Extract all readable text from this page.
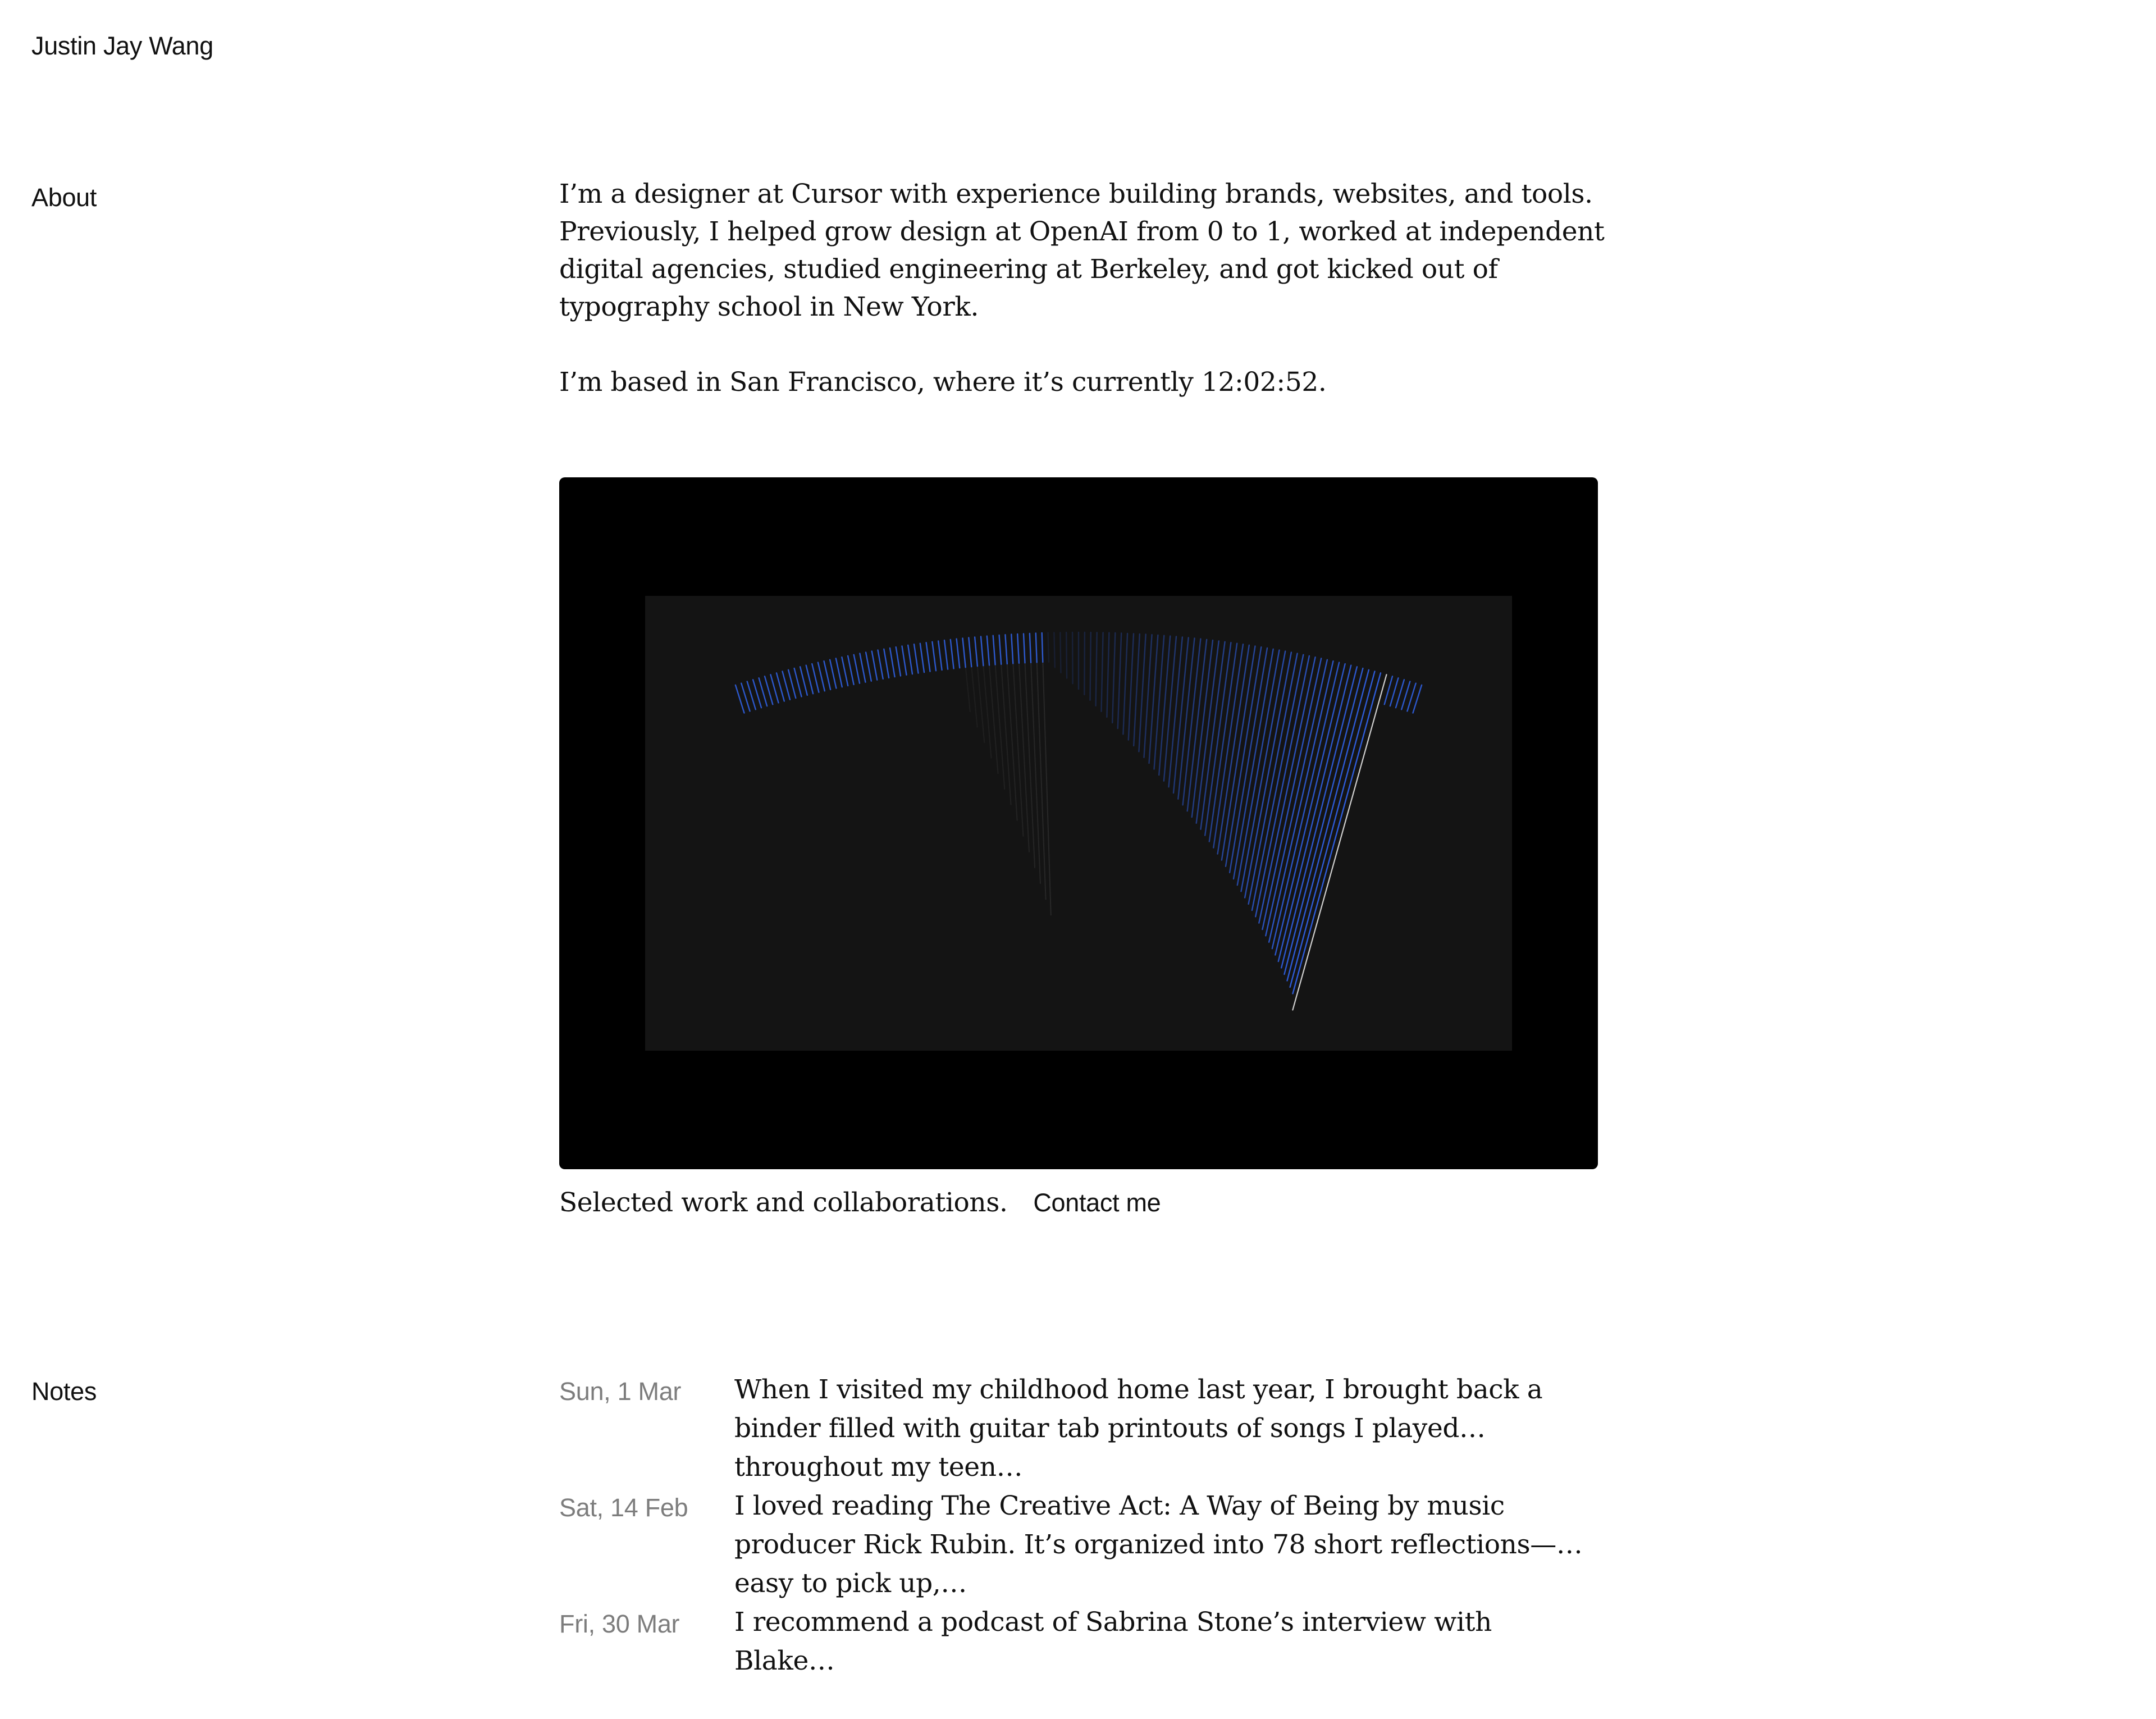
Justin Jay Wang
About	I’m a designer at Cursor with experience building brands, websites, and tools. Previously, I helped grow design at OpenAI from 0 to 1, worked at independent digital agencies, studied engineering at Berkeley, and got kicked out of typography school in New York.

I’m based in San Francisco, where it’s currently 12:02:52.

Selected work and collaborations. Contact me
Notes	Sun, 1 Mar	When I visited my childhood home last year, I brought back a binder filled with guitar tab printouts of songs I played throughout my teen…
Sat, 14 Feb	I loved reading The Creative Act: A Way of Being by music producer Rick Rubin. It’s organized into 78 short reflections—easy to pick up,…
Fri, 30 Mar	I recommend a podcast of Sabrina Stone’s interview with Blake…
